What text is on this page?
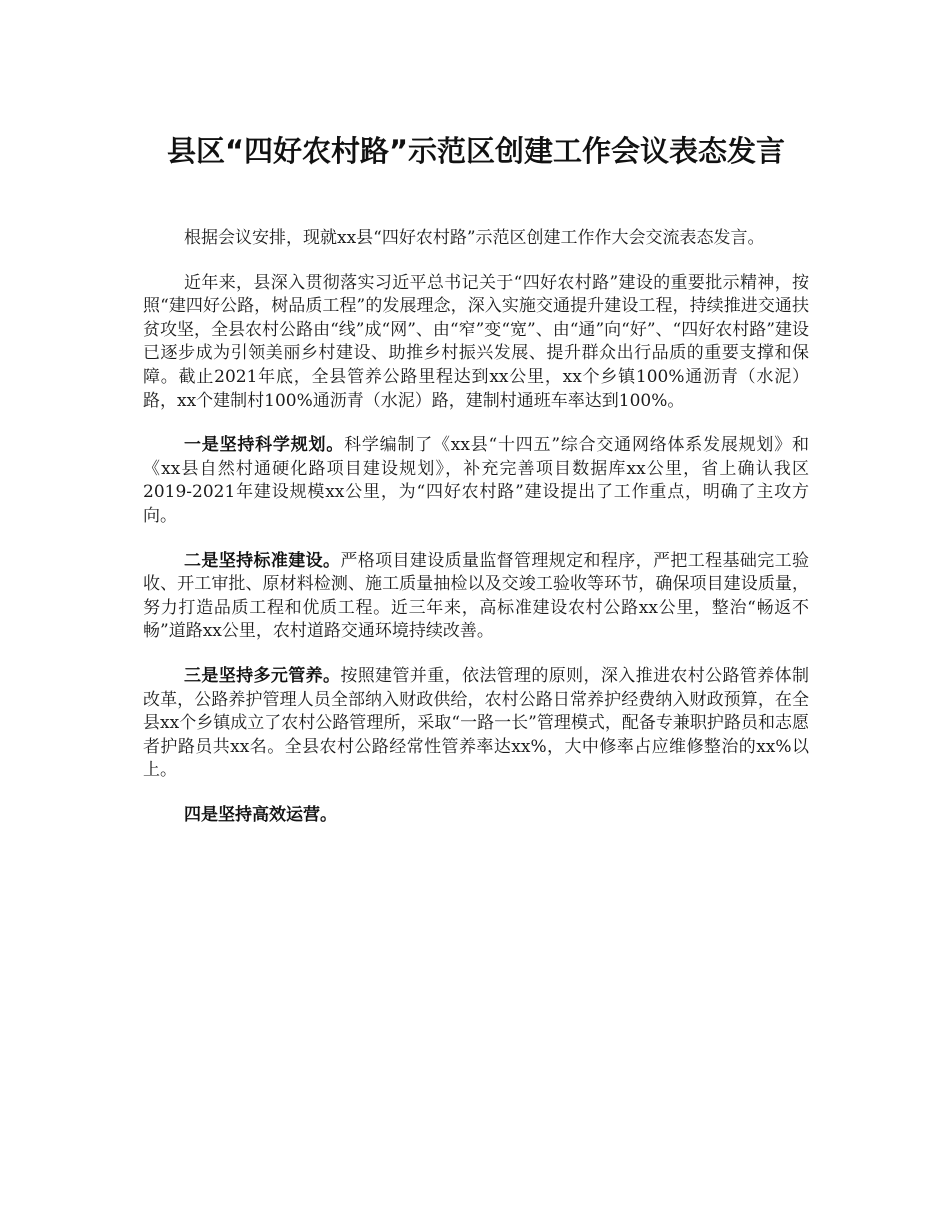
县区“四好农村路”示范区创建工作会议表态发言

根据会议安排，现就xx县“四好农村路”示范区创建工作作大会交流表态发言。

近年来，县深入贯彻落实习近平总书记关于“四好农村路”建设的重要批示精神，按照“建四好公路，树品质工程”的发展理念，深入实施交通提升建设工程，持续推进交通扶贫攻坚，全县农村公路由“线”成“网”、由“窄”变“宽”、由“通”向“好”、“四好农村路”建设已逐步成为引领美丽乡村建设、助推乡村振兴发展、提升群众出行品质的重要支撑和保障。截止2021年底，全县管养公路里程达到xx公里，xx个乡镇100%通沥青（水泥）路，xx个建制村100%通沥青（水泥）路，建制村通班车率达到100%。

一是坚持科学规划。科学编制了《xx县“十四五”综合交通网络体系发展规划》和《xx县自然村通硬化路项目建设规划》，补充完善项目数据库xx公里，省上确认我区2019-2021年建设规模xx公里，为“四好农村路”建设提出了工作重点，明确了主攻方向。

二是坚持标准建设。严格项目建设质量监督管理规定和程序，严把工程基础完工验收、开工审批、原材料检测、施工质量抽检以及交竣工验收等环节，确保项目建设质量，努力打造品质工程和优质工程。近三年来，高标准建设农村公路xx公里，整治“畅返不畅”道路xx公里，农村道路交通环境持续改善。

三是坚持多元管养。按照建管并重，依法管理的原则，深入推进农村公路管养体制改革，公路养护管理人员全部纳入财政供给，农村公路日常养护经费纳入财政预算，在全县xx个乡镇成立了农村公路管理所，采取“一路一长”管理模式，配备专兼职护路员和志愿者护路员共xx名。全县农村公路经常性管养率达xx%，大中修率占应维修整治的xx%以上。

四是坚持高效运营。
